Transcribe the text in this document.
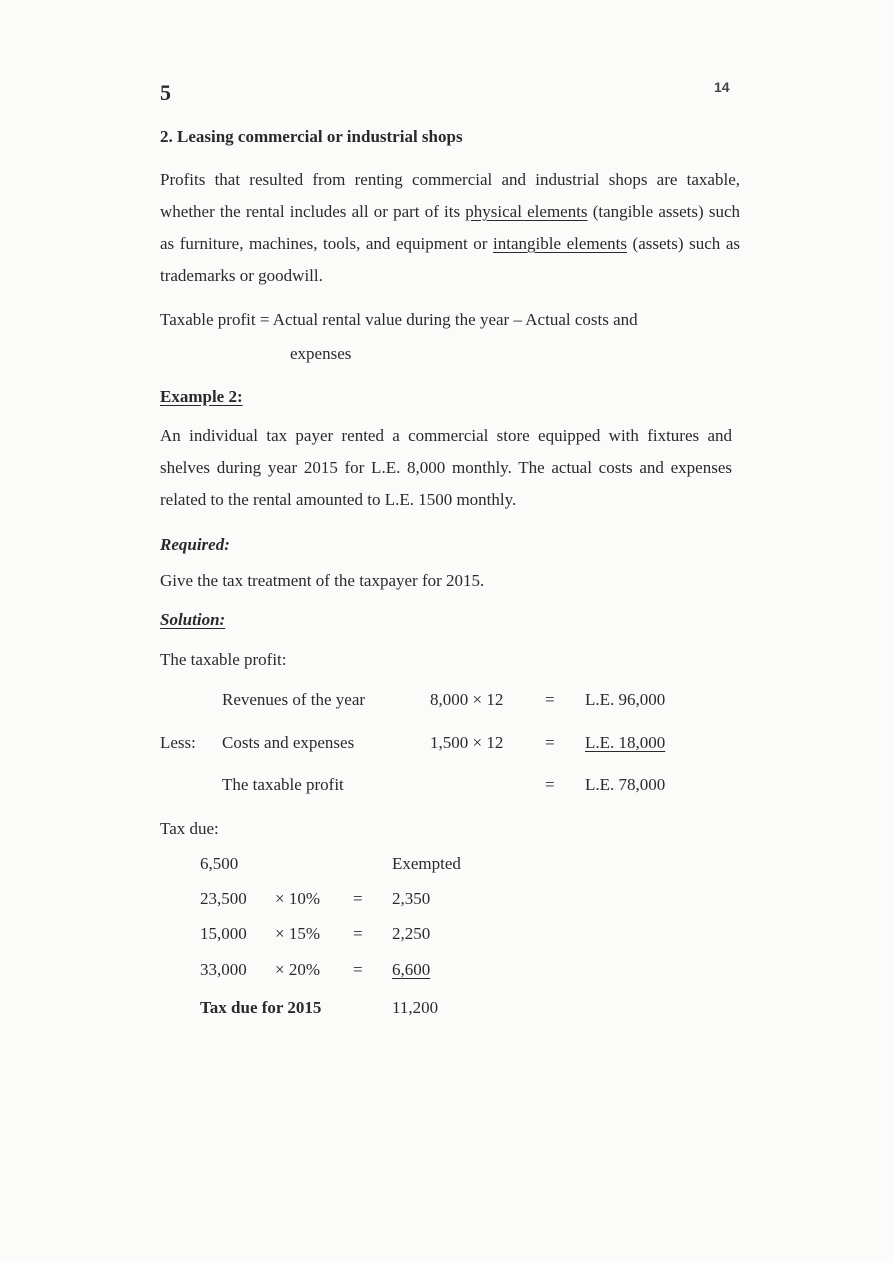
5	14
2. Leasing commercial or industrial shops
Profits that resulted from renting commercial and industrial shops are taxable, whether the rental includes all or part of its physical elements (tangible assets) such as furniture, machines, tools, and equipment or intangible elements (assets) such as trademarks or goodwill.
Taxable profit = Actual rental value during the year – Actual costs and
expenses
Example 2:
An individual tax payer rented a commercial store equipped with fixtures and shelves during year 2015 for L.E. 8,000 monthly. The actual costs and expenses related to the rental amounted to L.E. 1500 monthly.
Required:
Give the tax treatment of the taxpayer for 2015.
Solution:
The taxable profit:
Revenues of the year	8,000 × 12 = L.E. 96,000
Less: Costs and expenses	1,500 × 12 = L.E. 18,000
The taxable profit	= L.E. 78,000
Tax due:
6,500	Exempted
23,500 × 10% = 2,350
15,000 × 15% = 2,250
33,000 × 20% = 6,600
Tax due for 2015	11,200
